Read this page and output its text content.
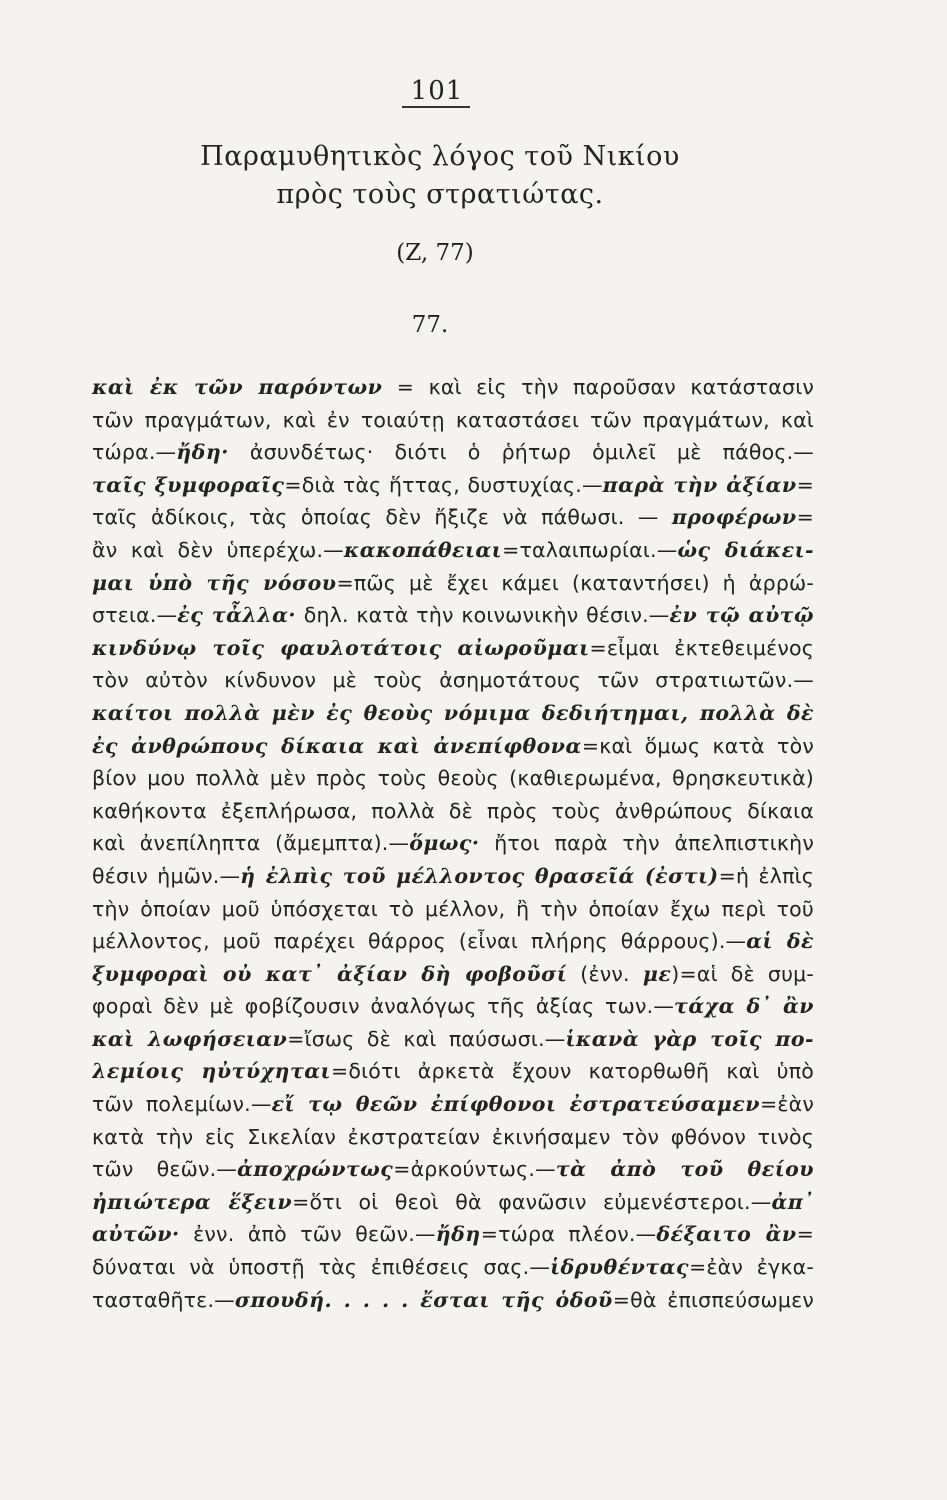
101
Παραμυθητικὸς λόγος τοῦ Νικίου
πρὸς τοὺς στρατιώτας.
(Z, 77)
77.
καὶ ἐκ τῶν παρόντων = καὶ εἰς τὴν παροῦσαν κατάστασιν
τῶν πραγμάτων, καὶ ἐν τοιαύτῃ καταστάσει τῶν πραγμάτων, καὶ
τώρα.—ἤδη· ἀσυνδέτως· διότι ὁ ῥήτωρ ὁμιλεῖ μὲ πάθος.—
ταῖς ξυμφοραῖς=διὰ τὰς ἥττας, δυστυχίας.—παρὰ τὴν ἀξίαν=
ταῖς ἀδίκοις, τὰς ὁποίας δὲν ἤξιζε νὰ πάθωσι. — προφέρων=
ἂν καὶ δὲν ὑπερέχω.—κακοπάθειαι=ταλαιπωρίαι.—ὡς διάκει-
μαι ὑπὸ τῆς νόσου=πῶς μὲ ἔχει κάμει (καταντήσει) ἡ ἀρρώ-
στεια.—ἐς τἆλλα· δηλ. κατὰ τὴν κοινωνικὴν θέσιν.—ἐν τῷ αὐτῷ
κινδύνῳ τοῖς φαυλοτάτοις αἰωροῦμαι=εἶμαι ἐκτεθειμένος
τὸν αὐτὸν κίνδυνον μὲ τοὺς ἀσημοτάτους τῶν στρατιωτῶν.—
καίτοι πολλὰ μὲν ἐς θεοὺς νόμιμα δεδιήτημαι, πολλὰ δὲ
ἐς ἀνθρώπους δίκαια καὶ ἀνεπίφθονα=καὶ ὅμως κατὰ τὸν
βίον μου πολλὰ μὲν πρὸς τοὺς θεοὺς (καθιερωμένα, θρησκευτικὰ)
καθήκοντα ἐξεπλήρωσα, πολλὰ δὲ πρὸς τοὺς ἀνθρώπους δίκαια
καὶ ἀνεπίληπτα (ἄμεμπτα).—ὅμως· ἤτοι παρὰ τὴν ἀπελπιστικὴν
θέσιν ἡμῶν.—ἡ ἐλπὶς τοῦ μέλλοντος θρασεῖά (ἐστι)=ἡ ἐλπὶς
τὴν ὁποίαν μοῦ ὑπόσχεται τὸ μέλλον, ἢ τὴν ὁποίαν ἔχω περὶ τοῦ
μέλλοντος, μοῦ παρέχει θάρρος (εἶναι πλήρης θάρρους).—αἱ δὲ
ξυμφοραὶ οὐ κατ᾽ ἀξίαν δὴ φοβοῦσί (ἐνν. με)=αἱ δὲ συμ-
φοραὶ δὲν μὲ φοβίζουσιν ἀναλόγως τῆς ἀξίας των.—τάχα δ᾽ ἂν
καὶ λωφήσειαν=ἴσως δὲ καὶ παύσωσι.—ἱκανὰ γὰρ τοῖς πο-
λεμίοις ηὐτύχηται=διότι ἀρκετὰ ἔχουν κατορθωθῆ καὶ ὑπὸ
τῶν πολεμίων.—εἴ τῳ θεῶν ἐπίφθονοι ἐστρατεύσαμεν=ἐὰν
κατὰ τὴν εἰς Σικελίαν ἐκστρατείαν ἐκινήσαμεν τὸν φθόνον τινὸς
τῶν θεῶν.—ἀποχρώντως=ἀρκούντως.—τὰ ἀπὸ τοῦ θείου
ἠπιώτερα ἕξειν=ὅτι οἱ θεοὶ θὰ φανῶσιν εὐμενέστεροι.—ἀπ᾽
αὐτῶν· ἐνν. ἀπὸ τῶν θεῶν.—ἤδη=τώρα πλέον.—δέξαιτο ἂν=
δύναται νὰ ὑποστῇ τὰς ἐπιθέσεις σας.—ἱδρυθέντας=ἐὰν ἐγκα-
τασταθῆτε.—σπουδή. . . . . ἔσται τῆς ὁδοῦ=θὰ ἐπισπεύσωμεν
